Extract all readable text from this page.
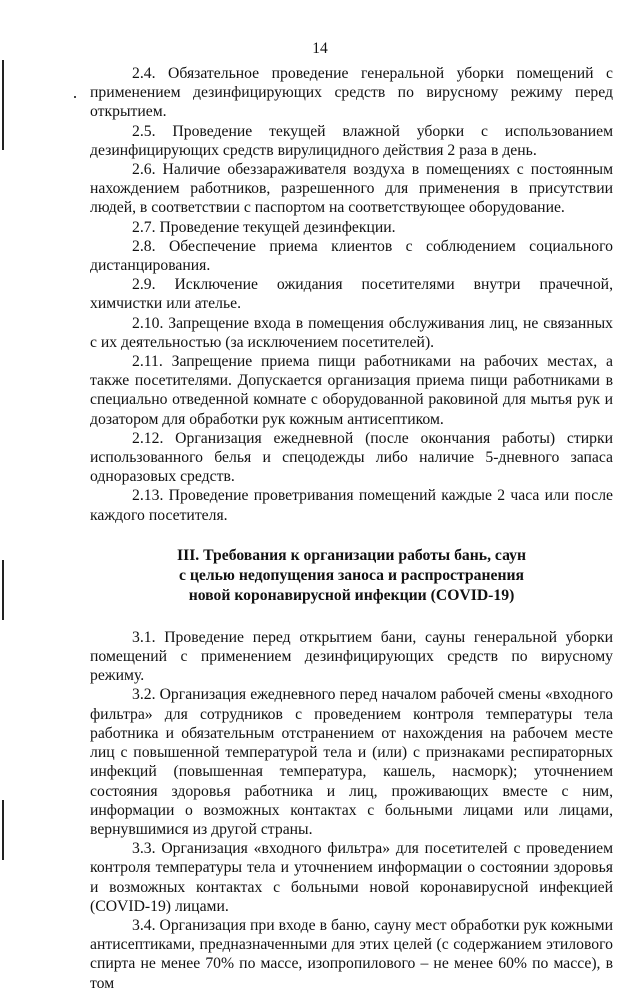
14

2.4. Обязательное проведение генеральной уборки помещений с применением дезинфицирующих средств по вирусному режиму перед открытием.

2.5. Проведение текущей влажной уборки с использованием дезинфицирующих средств вирулицидного действия 2 раза в день.

2.6. Наличие обеззараживателя воздуха в помещениях с постоянным нахождением работников, разрешенного для применения в присутствии людей, в соответствии с паспортом на соответствующее оборудование.

2.7. Проведение текущей дезинфекции.

2.8. Обеспечение приема клиентов с соблюдением социального дистанцирования.

2.9. Исключение ожидания посетителями внутри прачечной, химчистки или ателье.

2.10. Запрещение входа в помещения обслуживания лиц, не связанных с их деятельностью (за исключением посетителей).

2.11. Запрещение приема пищи работниками на рабочих местах, а также посетителями. Допускается организация приема пищи работниками в специально отведенной комнате с оборудованной раковиной для мытья рук и дозатором для обработки рук кожным антисептиком.

2.12. Организация ежедневной (после окончания работы) стирки использованного белья и спецодежды либо наличие 5-дневного запаса одноразовых средств.

2.13. Проведение проветривания помещений каждые 2 часа или после каждого посетителя.

III. Требования к организации работы бань, саун
с целью недопущения заноса и распространения
новой коронавирусной инфекции (COVID-19)

3.1. Проведение перед открытием бани, сауны генеральной уборки помещений с применением дезинфицирующих средств по вирусному режиму.

3.2. Организация ежедневного перед началом рабочей смены «входного фильтра» для сотрудников с проведением контроля температуры тела работника и обязательным отстранением от нахождения на рабочем месте лиц с повышенной температурой тела и (или) с признаками респираторных инфекций (повышенная температура, кашель, насморк); уточнением состояния здоровья работника и лиц, проживающих вместе с ним, информации о возможных контактах с больными лицами или лицами, вернувшимися из другой страны.

3.3. Организация «входного фильтра» для посетителей с проведением контроля температуры тела и уточнением информации о состоянии здоровья и возможных контактах с больными новой коронавирусной инфекцией (COVID-19) лицами.

3.4. Организация при входе в баню, сауну мест обработки рук кожными антисептиками, предназначенными для этих целей (с содержанием этилового спирта не менее 70% по массе, изопропилового – не менее 60% по массе), в том
